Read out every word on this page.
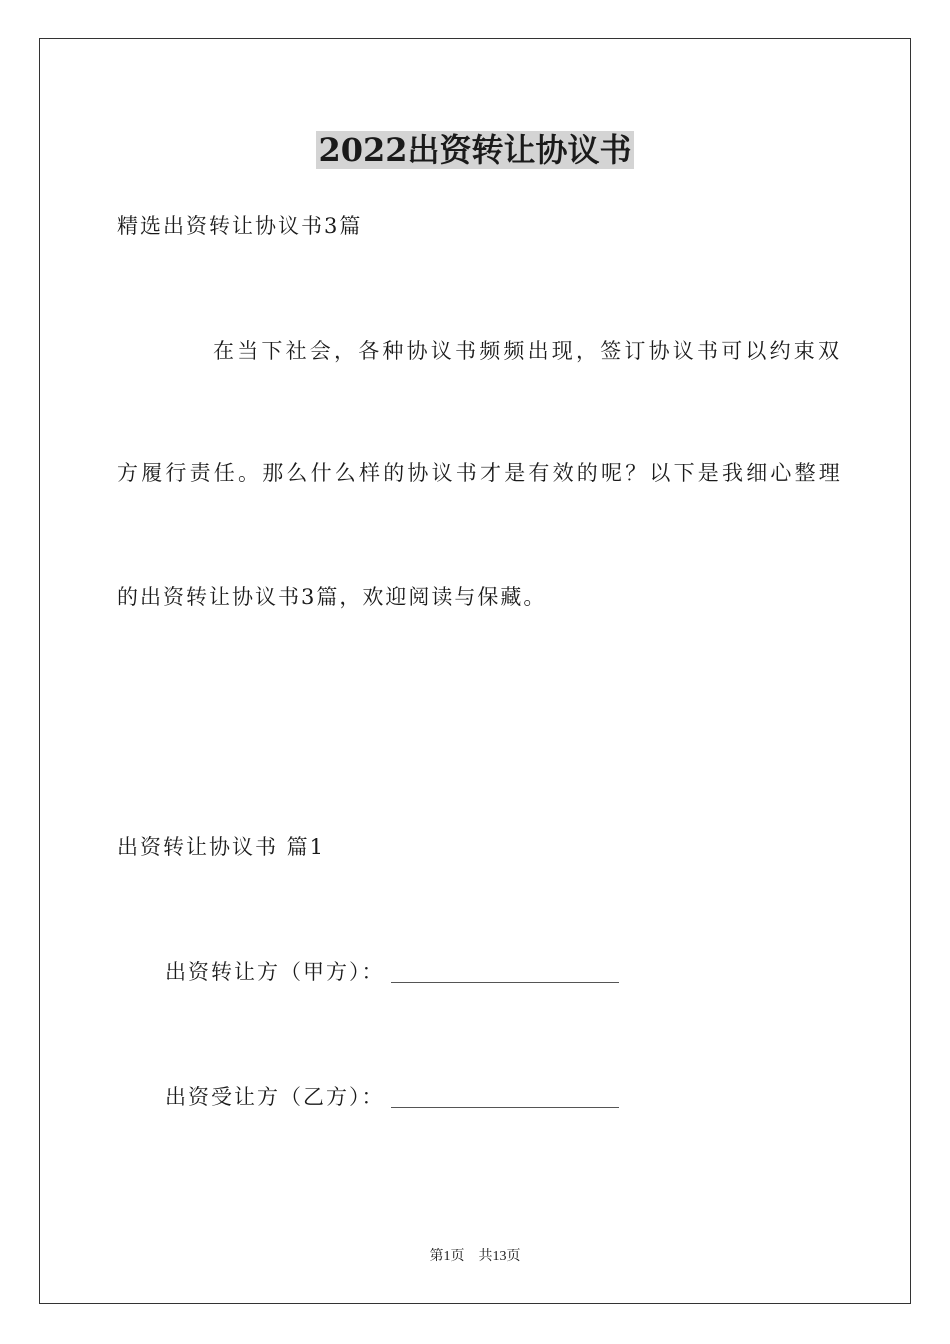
2022出资转让协议书
精选出资转让协议书3篇
在当下社会，各种协议书频频出现，签订协议书可以约束双
方履行责任。那么什么样的协议书才是有效的呢？以下是我细心整理
的出资转让协议书3篇，欢迎阅读与保藏。
出资转让协议书 篇1
出资转让方（甲方）：
出资受让方（乙方）：
第1页 共13页
